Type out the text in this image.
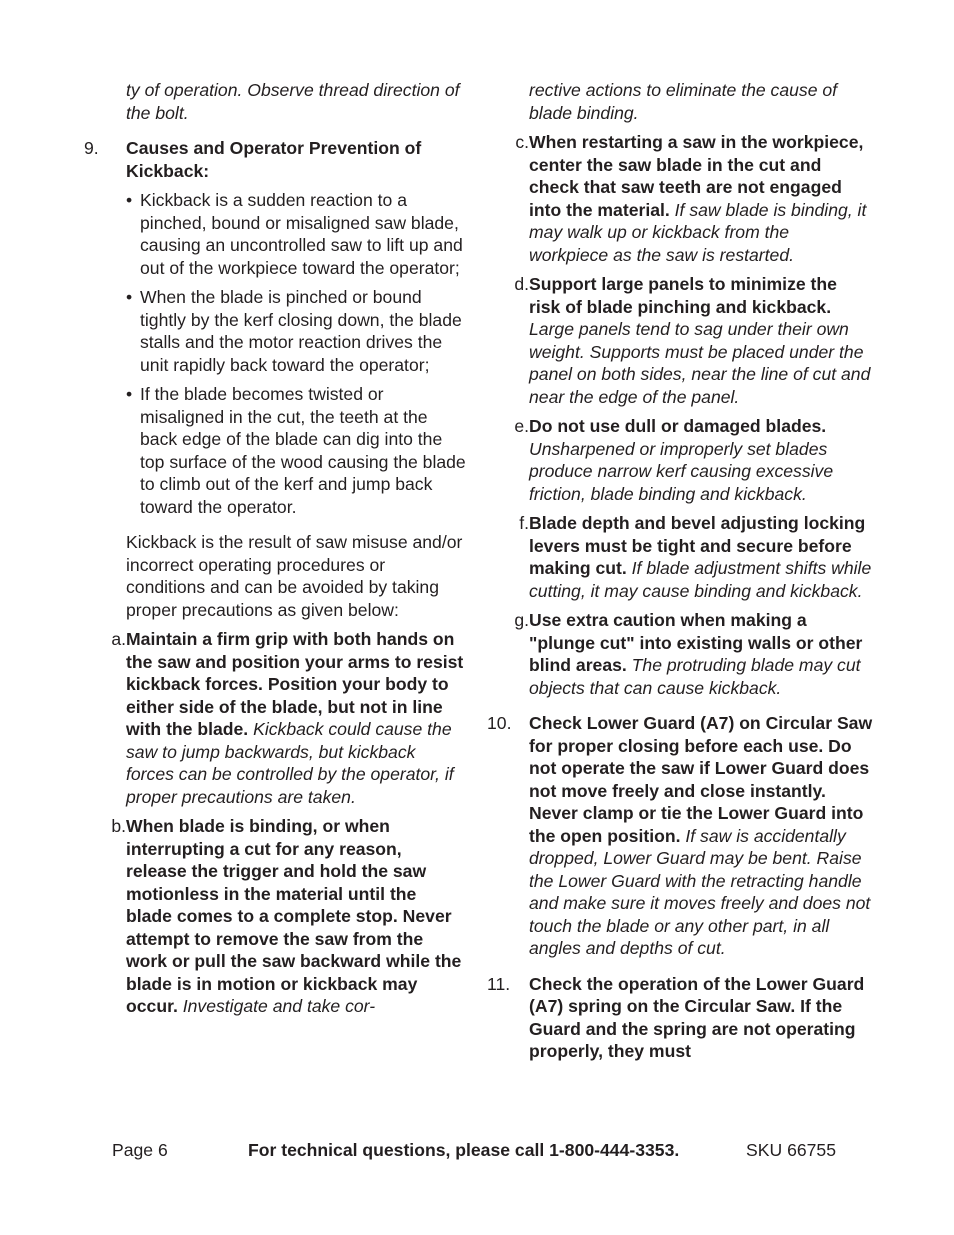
ty of operation. Observe thread direction of the bolt.
9. Causes and Operator Prevention of Kickback:
• Kickback is a sudden reaction to a pinched, bound or misaligned saw blade, causing an uncontrolled saw to lift up and out of the workpiece toward the operator;
• When the blade is pinched or bound tightly by the kerf closing down, the blade stalls and the motor reaction drives the unit rapidly back toward the operator;
• If the blade becomes twisted or misaligned in the cut, the teeth at the back edge of the blade can dig into the top surface of the wood causing the blade to climb out of the kerf and jump back toward the operator.
Kickback is the result of saw misuse and/or incorrect operating procedures or conditions and can be avoided by taking proper precautions as given below:
a. Maintain a firm grip with both hands on the saw and position your arms to resist kickback forces. Position your body to either side of the blade, but not in line with the blade. Kickback could cause the saw to jump backwards, but kickback forces can be controlled by the operator, if proper precautions are taken.
b. When blade is binding, or when interrupting a cut for any reason, release the trigger and hold the saw motionless in the material until the blade comes to a complete stop. Never attempt to remove the saw from the work or pull the saw backward while the blade is in motion or kickback may occur. Investigate and take cor-
rective actions to eliminate the cause of blade binding.
c. When restarting a saw in the workpiece, center the saw blade in the cut and check that saw teeth are not engaged into the material. If saw blade is binding, it may walk up or kickback from the workpiece as the saw is restarted.
d. Support large panels to minimize the risk of blade pinching and kickback. Large panels tend to sag under their own weight. Supports must be placed under the panel on both sides, near the line of cut and near the edge of the panel.
e. Do not use dull or damaged blades. Unsharpened or improperly set blades produce narrow kerf causing excessive friction, blade binding and kickback.
f. Blade depth and bevel adjusting locking levers must be tight and secure before making cut. If blade adjustment shifts while cutting, it may cause binding and kickback.
g. Use extra caution when making a "plunge cut" into existing walls or other blind areas. The protruding blade may cut objects that can cause kickback.
10. Check Lower Guard (A7) on Circular Saw for proper closing before each use. Do not operate the saw if Lower Guard does not move freely and close instantly. Never clamp or tie the Lower Guard into the open position. If saw is accidentally dropped, Lower Guard may be bent. Raise the Lower Guard with the retracting handle and make sure it moves freely and does not touch the blade or any other part, in all angles and depths of cut.
11. Check the operation of the Lower Guard (A7) spring on the Circular Saw. If the Guard and the spring are not operating properly, they must
Page 6	For technical questions, please call 1-800-444-3353.	SKU 66755
